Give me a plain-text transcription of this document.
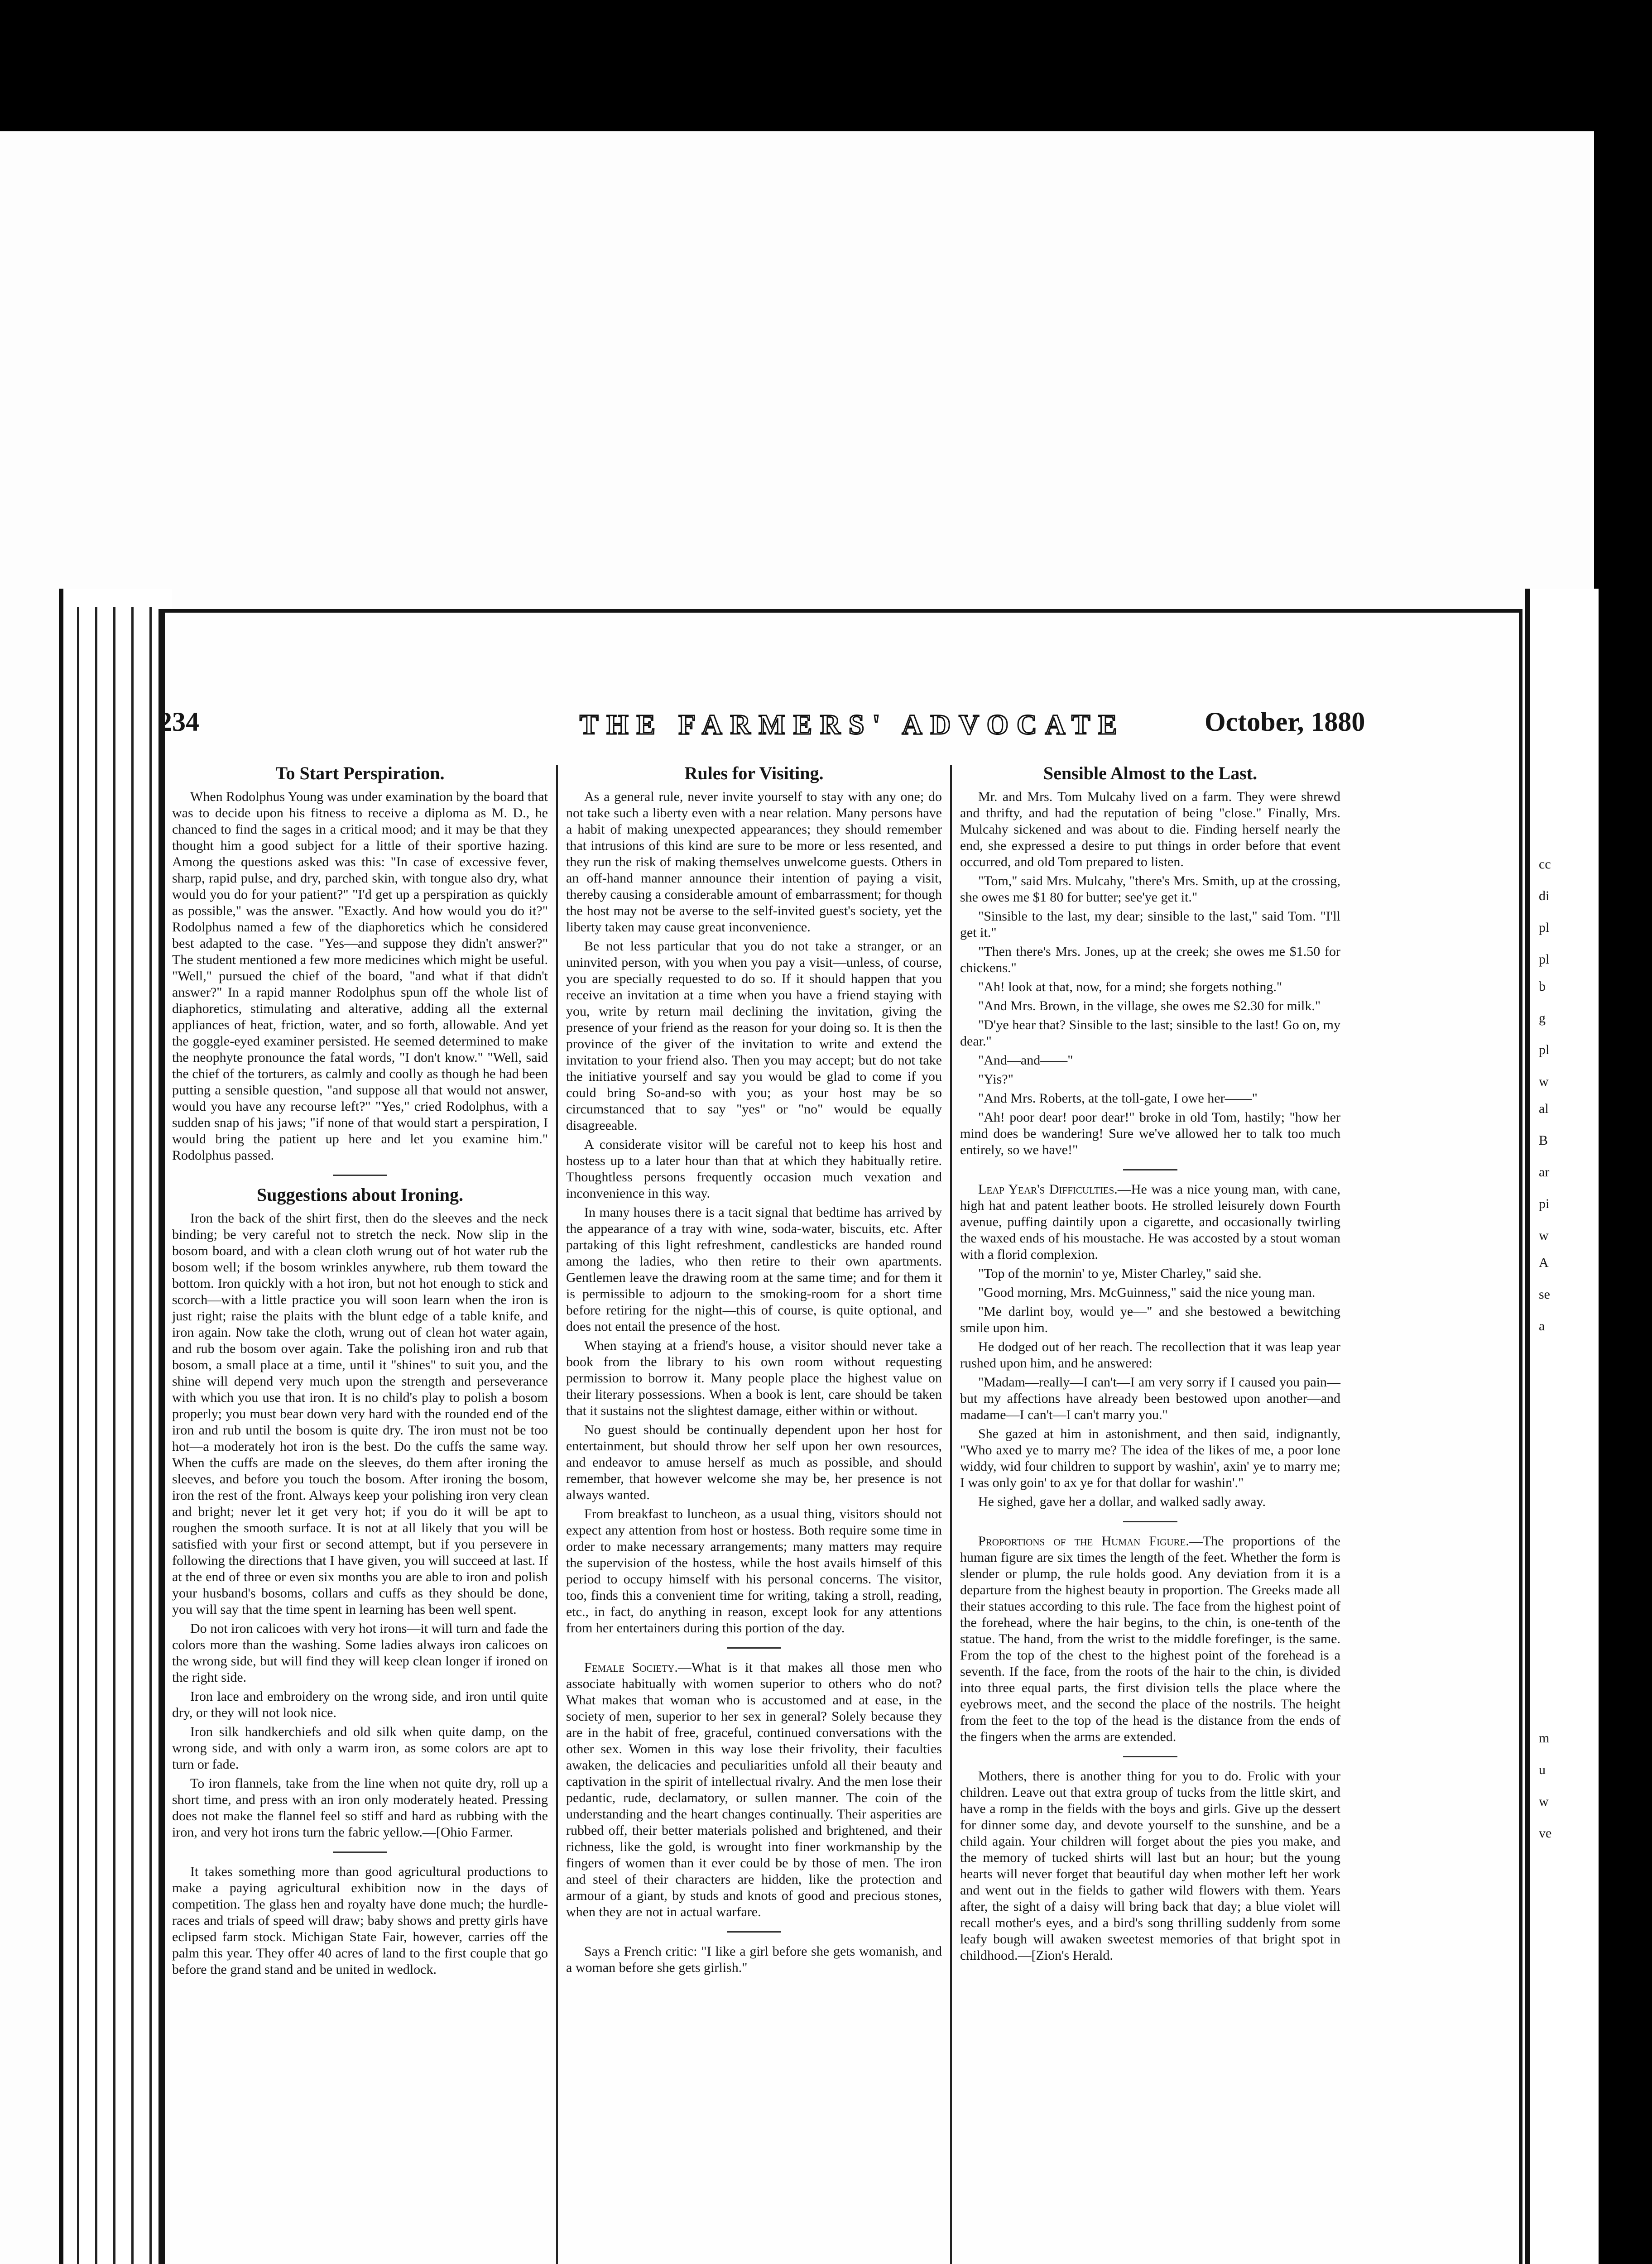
cc
di
pl
pl
b
g
pl
w
al
B
ar
pi
w
A
se
a
m
u
w
ve
234	THE FARMERS' ADVOCATE	October, 1880
To Start Perspiration.

When Rodolphus Young was under examination by the board that was to decide upon his fitness to receive a diploma as M. D., he chanced to find the sages in a critical mood; and it may be that they thought him a good subject for a little of their sportive hazing. Among the questions asked was this: "In case of excessive fever, sharp, rapid pulse, and dry, parched skin, with tongue also dry, what would you do for your patient?" "I'd get up a perspiration as quickly as possible," was the answer. "Exactly. And how would you do it?" Rodolphus named a few of the diaphoretics which he considered best adapted to the case. "Yes—and suppose they didn't answer?" The student mentioned a few more medicines which might be useful. "Well," pursued the chief of the board, "and what if that didn't answer?" In a rapid manner Rodolphus spun off the whole list of diaphoretics, stimulating and alterative, adding all the external appliances of heat, friction, water, and so forth, allowable. And yet the goggle-eyed examiner persisted. He seemed determined to make the neophyte pronounce the fatal words, "I don't know." "Well, said the chief of the torturers, as calmly and coolly as though he had been putting a sensible question, "and suppose all that would not answer, would you have any recourse left?" "Yes," cried Rodolphus, with a sudden snap of his jaws; "if none of that would start a perspiration, I would bring the patient up here and let you examine him." Rodolphus passed.

Suggestions about Ironing.

Iron the back of the shirt first, then do the sleeves and the neck binding; be very careful not to stretch the neck. Now slip in the bosom board, and with a clean cloth wrung out of hot water rub the bosom well; if the bosom wrinkles anywhere, rub them toward the bottom. Iron quickly with a hot iron, but not hot enough to stick and scorch—with a little practice you will soon learn when the iron is just right; raise the plaits with the blunt edge of a table knife, and iron again. Now take the cloth, wrung out of clean hot water again, and rub the bosom over again. Take the polishing iron and rub that bosom, a small place at a time, until it "shines" to suit you, and the shine will depend very much upon the strength and perseverance with which you use that iron. It is no child's play to polish a bosom properly; you must bear down very hard with the rounded end of the iron and rub until the bosom is quite dry. The iron must not be too hot—a moderately hot iron is the best. Do the cuffs the same way. When the cuffs are made on the sleeves, do them after ironing the sleeves, and before you touch the bosom. After ironing the bosom, iron the rest of the front. Always keep your polishing iron very clean and bright; never let it get very hot; if you do it will be apt to roughen the smooth surface. It is not at all likely that you will be satisfied with your first or second attempt, but if you persevere in following the directions that I have given, you will succeed at last. If at the end of three or even six months you are able to iron and polish your husband's bosoms, collars and cuffs as they should be done, you will say that the time spent in learning has been well spent.

Do not iron calicoes with very hot irons—it will turn and fade the colors more than the washing. Some ladies always iron calicoes on the wrong side, but will find they will keep clean longer if ironed on the right side.

Iron lace and embroidery on the wrong side, and iron until quite dry, or they will not look nice.

Iron silk handkerchiefs and old silk when quite damp, on the wrong side, and with only a warm iron, as some colors are apt to turn or fade.

To iron flannels, take from the line when not quite dry, roll up a short time, and press with an iron only moderately heated. Pressing does not make the flannel feel so stiff and hard as rubbing with the iron, and very hot irons turn the fabric yellow.—[Ohio Farmer.

It takes something more than good agricultural productions to make a paying agricultural exhibition now in the days of competition. The glass hen and royalty have done much; the hurdle-races and trials of speed will draw; baby shows and pretty girls have eclipsed farm stock. Michigan State Fair, however, carries off the palm this year. They offer 40 acres of land to the first couple that go before the grand stand and be united in wedlock.

Rules for Visiting.

As a general rule, never invite yourself to stay with any one; do not take such a liberty even with a near relation. Many persons have a habit of making unexpected appearances; they should remember that intrusions of this kind are sure to be more or less resented, and they run the risk of making themselves unwelcome guests. Others in an off-hand manner announce their intention of paying a visit, thereby causing a considerable amount of embarrassment; for though the host may not be averse to the self-invited guest's society, yet the liberty taken may cause great inconvenience.

Be not less particular that you do not take a stranger, or an uninvited person, with you when you pay a visit—unless, of course, you are specially requested to do so. If it should happen that you receive an invitation at a time when you have a friend staying with you, write by return mail declining the invitation, giving the presence of your friend as the reason for your doing so. It is then the province of the giver of the invitation to write and extend the invitation to your friend also. Then you may accept; but do not take the initiative yourself and say you would be glad to come if you could bring So-and-so with you; as your host may be so circumstanced that to say "yes" or "no" would be equally disagreeable.

A considerate visitor will be careful not to keep his host and hostess up to a later hour than that at which they habitually retire. Thoughtless persons frequently occasion much vexation and inconvenience in this way.

In many houses there is a tacit signal that bedtime has arrived by the appearance of a tray with wine, soda-water, biscuits, etc. After partaking of this light refreshment, candlesticks are handed round among the ladies, who then retire to their own apartments. Gentlemen leave the drawing room at the same time; and for them it is permissible to adjourn to the smoking-room for a short time before retiring for the night—this of course, is quite optional, and does not entail the presence of the host.

When staying at a friend's house, a visitor should never take a book from the library to his own room without requesting permission to borrow it. Many people place the highest value on their literary possessions. When a book is lent, care should be taken that it sustains not the slightest damage, either within or without.

No guest should be continually dependent upon her host for entertainment, but should throw her self upon her own resources, and endeavor to amuse herself as much as possible, and should remember, that however welcome she may be, her presence is not always wanted.

From breakfast to luncheon, as a usual thing, visitors should not expect any attention from host or hostess. Both require some time in order to make necessary arrangements; many matters may require the supervision of the hostess, while the host avails himself of this period to occupy himself with his personal concerns. The visitor, too, finds this a convenient time for writing, taking a stroll, reading, etc., in fact, do anything in reason, except look for any attentions from her entertainers during this portion of the day.

Female Society.—What is it that makes all those men who associate habitually with women superior to others who do not? What makes that woman who is accustomed and at ease, in the society of men, superior to her sex in general? Solely because they are in the habit of free, graceful, continued conversations with the other sex. Women in this way lose their frivolity, their faculties awaken, the delicacies and peculiarities unfold all their beauty and captivation in the spirit of intellectual rivalry. And the men lose their pedantic, rude, declamatory, or sullen manner. The coin of the understanding and the heart changes continually. Their asperities are rubbed off, their better materials polished and brightened, and their richness, like the gold, is wrought into finer workmanship by the fingers of women than it ever could be by those of men. The iron and steel of their characters are hidden, like the protection and armour of a giant, by studs and knots of good and precious stones, when they are not in actual warfare.

Says a French critic: "I like a girl before she gets womanish, and a woman before she gets girlish."

Sensible Almost to the Last.

Mr. and Mrs. Tom Mulcahy lived on a farm. They were shrewd and thrifty, and had the reputation of being "close." Finally, Mrs. Mulcahy sickened and was about to die. Finding herself nearly the end, she expressed a desire to put things in order before that event occurred, and old Tom prepared to listen.

"Tom," said Mrs. Mulcahy, "there's Mrs. Smith, up at the crossing, she owes me $1 80 for butter; see'ye get it."

"Sinsible to the last, my dear; sinsible to the last," said Tom. "I'll get it."

"Then there's Mrs. Jones, up at the creek; she owes me $1.50 for chickens."

"Ah! look at that, now, for a mind; she forgets nothing."

"And Mrs. Brown, in the village, she owes me $2.30 for milk."

"D'ye hear that? Sinsible to the last; sinsible to the last! Go on, my dear."

"And—and——"

"Yis?"

"And Mrs. Roberts, at the toll-gate, I owe her——"

"Ah! poor dear! poor dear!" broke in old Tom, hastily; "how her mind does be wandering! Sure we've allowed her to talk too much entirely, so we have!"

Leap Year's Difficulties.—He was a nice young man, with cane, high hat and patent leather boots. He strolled leisurely down Fourth avenue, puffing daintily upon a cigarette, and occasionally twirling the waxed ends of his moustache. He was accosted by a stout woman with a florid complexion.

"Top of the mornin' to ye, Mister Charley," said she.

"Good morning, Mrs. McGuinness," said the nice young man.

"Me darlint boy, would ye—" and she bestowed a bewitching smile upon him.

He dodged out of her reach. The recollection that it was leap year rushed upon him, and he answered:

"Madam—really—I can't—I am very sorry if I caused you pain—but my affections have already been bestowed upon another—and madame—I can't—I can't marry you."

She gazed at him in astonishment, and then said, indignantly, "Who axed ye to marry me? The idea of the likes of me, a poor lone widdy, wid four children to support by washin', axin' ye to marry me; I was only goin' to ax ye for that dollar for washin'."

He sighed, gave her a dollar, and walked sadly away.

Proportions of the Human Figure.—The proportions of the human figure are six times the length of the feet. Whether the form is slender or plump, the rule holds good. Any deviation from it is a departure from the highest beauty in proportion. The Greeks made all their statues according to this rule. The face from the highest point of the forehead, where the hair begins, to the chin, is one-tenth of the statue. The hand, from the wrist to the middle forefinger, is the same. From the top of the chest to the highest point of the forehead is a seventh. If the face, from the roots of the hair to the chin, is divided into three equal parts, the first division tells the place where the eyebrows meet, and the second the place of the nostrils. The height from the feet to the top of the head is the distance from the ends of the fingers when the arms are extended.

Mothers, there is another thing for you to do. Frolic with your children. Leave out that extra group of tucks from the little skirt, and have a romp in the fields with the boys and girls. Give up the dessert for dinner some day, and devote yourself to the sunshine, and be a child again. Your children will forget about the pies you make, and the memory of tucked shirts will last but an hour; but the young hearts will never forget that beautiful day when mother left her work and went out in the fields to gather wild flowers with them. Years after, the sight of a daisy will bring back that day; a blue violet will recall mother's eyes, and a bird's song thrilling suddenly from some leafy bough will awaken sweetest memories of that bright spot in childhood.—[Zion's Herald.
